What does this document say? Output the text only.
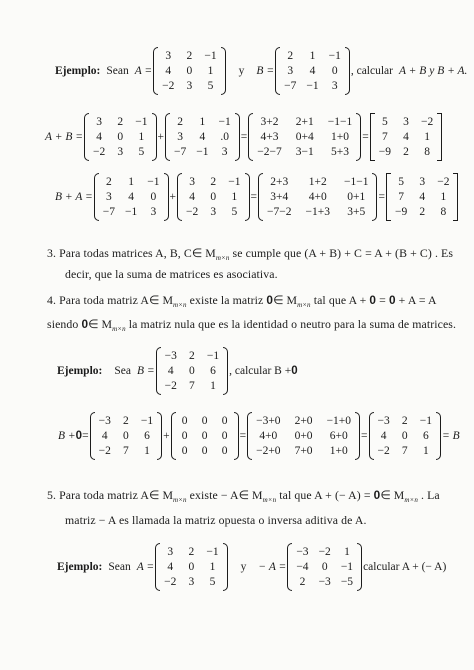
Ejemplo: Sean A =
3 2 −1
4 0 1
−2 3 5
y B =
2 1 −1
3 4 0
−7 −1 3
, calcular A + B y B + A.
A + B =
3 2 −1
4 0 1
−2 3 5
+
2 1 −1
3 4 .0
−7 −1 3
=
3+2 2+1 −1−1
4+3 0+4 1+0
−2−7 3−1 5+3
=
5 3 −2
7 4 1
−9 2 8
B + A =
2 1 −1
3 4 0
−7 −1 3
+
3 2 −1
4 0 1
−2 3 5
=
2+3 1+2 −1−1
3+4 4+0 0+1
−7−2 −1+3 3+5
=
5 3 −2
7 4 1
−9 2 8
3. Para todas matrices A, B, C∈ $M_{m\times n}$ se cumple que (A + B) + C = A + (B + C) . Es
decir, que la suma de matrices es asociativa.
4. Para toda matriz A∈ $M_{m\times n}$ existe la matriz 0∈ $M_{m\times n}$ tal que A + 0 = 0 + A = A
siendo 0∈ $M_{m\times n}$ la matriz nula que es la identidad o neutro para la suma de matrices.
Ejemplo: Sea B =
−3 2 −1
4 0 6
−2 7 1
, calcular B + 0
B + 0 =
−3 2 −1
4 0 6
−2 7 1
+
0 0 0
0 0 0
0 0 0
=
−3+0 2+0 −1+0
4+0 0+0 6+0
−2+0 7+0 1+0
=
−3 2 −1
4 0 6
−2 7 1
= B
5. Para toda matriz A∈ $M_{m\times n}$ existe − A∈ $M_{m\times n}$ tal que A + (− A) = 0∈ $M_{m\times n}$ . La
matriz − A es llamada la matriz opuesta o inversa aditiva de A.
Ejemplo: Sean A =
3 2 −1
4 0 1
−2 3 5
y − A =
−3 −2 1
−4 0 −1
2 −3 −5
calcular A + (− A)
